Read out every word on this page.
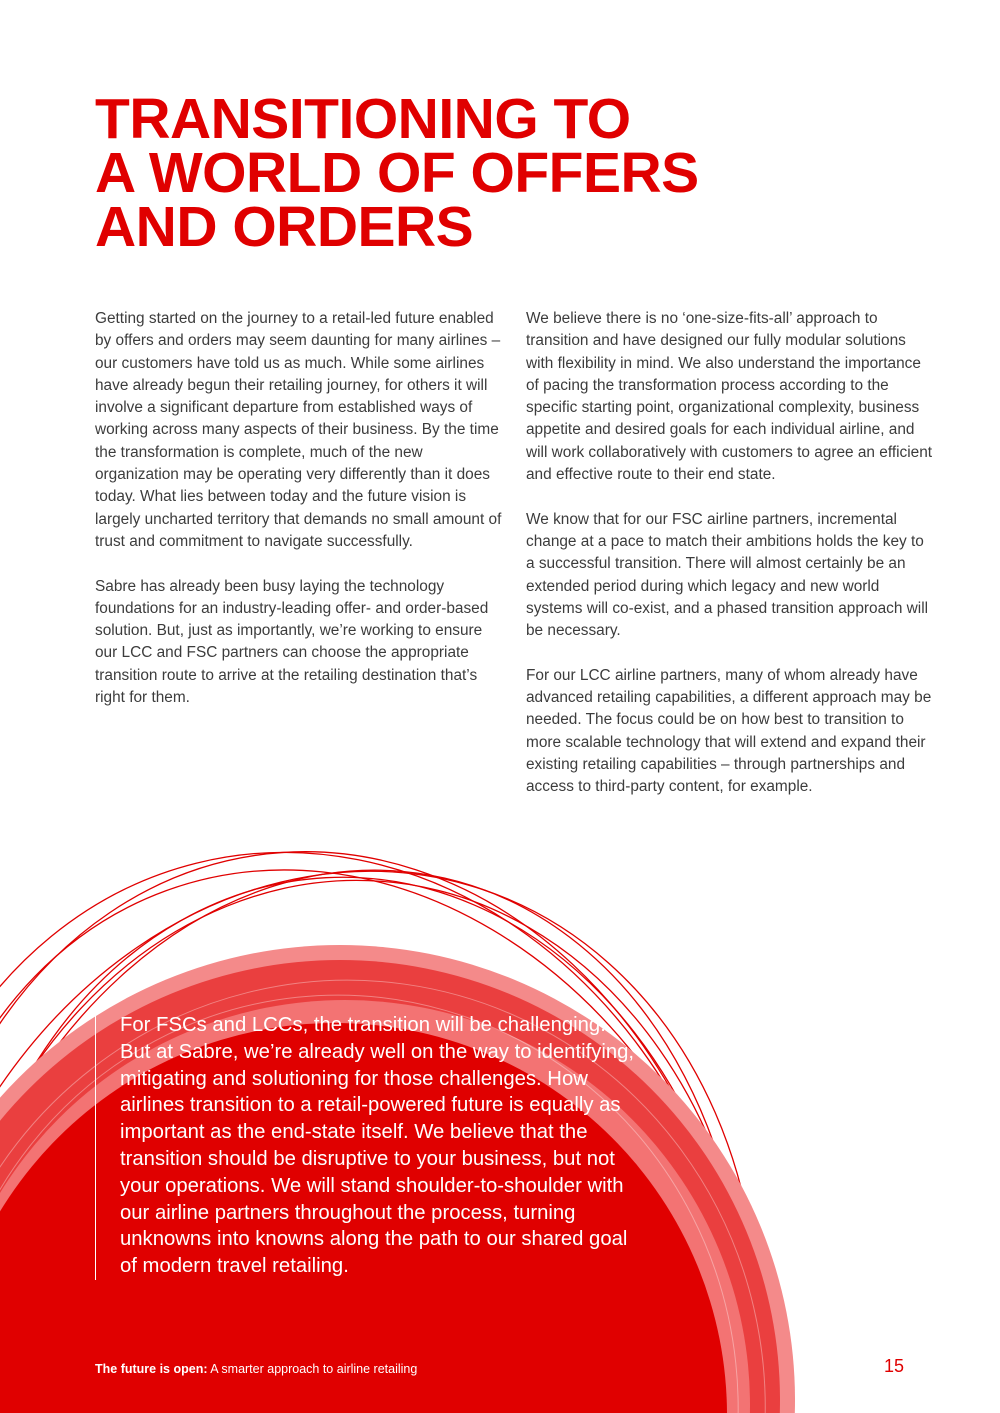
TRANSITIONING TO
A WORLD OF OFFERS
AND ORDERS

Getting started on the journey to a retail-led future enabled by offers and orders may seem daunting for many airlines – our customers have told us as much. While some airlines have already begun their retailing journey, for others it will involve a significant departure from established ways of working across many aspects of their business. By the time the transformation is complete, much of the new organization may be operating very differently than it does today. What lies between today and the future vision is largely uncharted territory that demands no small amount of trust and commitment to navigate successfully.

Sabre has already been busy laying the technology foundations for an industry-leading offer- and order-based solution. But, just as importantly, we’re working to ensure our LCC and FSC partners can choose the appropriate transition route to arrive at the retailing destination that’s right for them.

We believe there is no ‘one-size-fits-all’ approach to transition and have designed our fully modular solutions with flexibility in mind. We also understand the importance of pacing the transformation process according to the specific starting point, organizational complexity, business appetite and desired goals for each individual airline, and will work collaboratively with customers to agree an efficient and effective route to their end state.

We know that for our FSC airline partners, incremental change at a pace to match their ambitions holds the key to a successful transition. There will almost certainly be an extended period during which legacy and new world systems will co-exist, and a phased transition approach will be necessary.

For our LCC airline partners, many of whom already have advanced retailing capabilities, a different approach may be needed. The focus could be on how best to transition to more scalable technology that will extend and expand their existing retailing capabilities – through partnerships and access to third-party content, for example.

For FSCs and LCCs, the transition will be challenging. But at Sabre, we’re already well on the way to identifying, mitigating and solutioning for those challenges. How airlines transition to a retail-powered future is equally as important as the end-state itself. We believe that the transition should be disruptive to your business, but not your operations. We will stand shoulder-to-shoulder with our airline partners throughout the process, turning unknowns into knowns along the path to our shared goal of modern travel retailing.

The future is open: A smarter approach to airline retailing	15
